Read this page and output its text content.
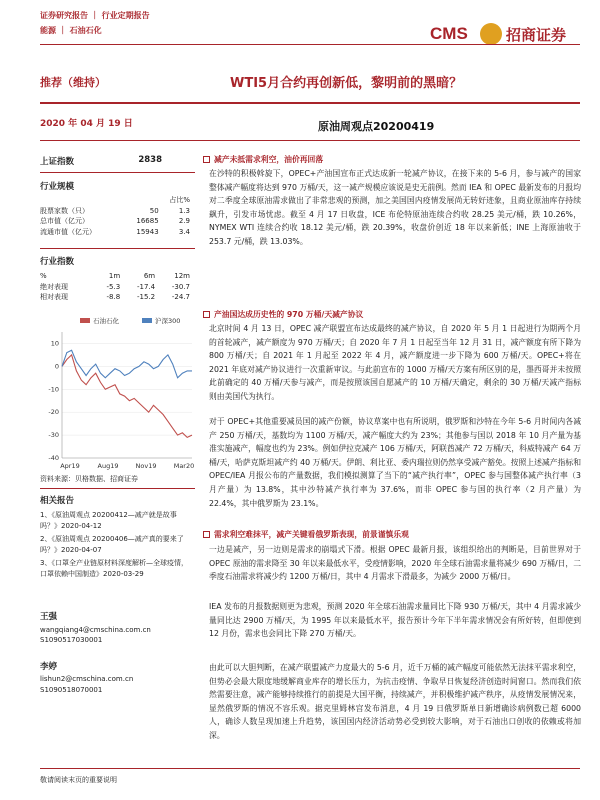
证券研究报告 ｜ 行业定期报告
能源 ｜ 石油石化	CMS	招商证券
推荐（维持）	WTI5月合约再创新低，黎明前的黑暗？
2020 年 04 月 19 日	原油周观点20200419
上证指数	2838
行业规模
		占比%
股票家数（只）	50	1.3
总市值（亿元）	16685	2.9
流通市值（亿元）	15943	3.4
行业指数
%	1m	6m	12m
绝对表现	-5.3	-17.4	-30.7
相对表现	-8.8	-15.2	-24.7
石油石化	沪深300
10
0
-10
-20
-30
-40
Apr19	Aug19	Nov19	Mar20
资料来源：贝格数据、招商证券
相关报告
1、《原油周观点 20200412—减产就是故事吗？》2020-04-12
2、《原油周观点 20200406—减产真的要来了吗？》2020-04-07
3、《口罩全产业链原材料深度解析—全球疫情，口罩依赖中国制造》2020-03-29
王强
wangqiang4@cmschina.com.cn
S1090517030001
李婷
lishun2@cmschina.com.cn
S1090518070001
减产未抵需求利空，油价再回落
在沙特的积极斡旋下，OPEC+产油国宣布正式达成新一轮减产协议，在接下来的 5-6 月，参与减产的国家整体减产幅度将达到 970 万桶/天，这一减产规模应该说是史无前例。然而 IEA 和 OPEC 最新发布的月报均对二季度全球原油需求做出了非常悲观的预测，加之美国国内疫情发展尚无转好迹象，且商业原油库存持续飙升，引发市场忧虑。截至 4 月 17 日收盘，ICE 布伦特原油连续合约收 28.25 美元/桶，跌 10.26%，NYMEX WTI 连续合约收 18.12 美元/桶，跌 20.39%，收盘价创近 18 年以来新低；INE 上海原油收于 253.7 元/桶，跌 13.03%。
产油国达成历史性的 970 万桶/天减产协议
北京时间 4 月 13 日，OPEC 减产联盟宣布达成最终的减产协议，自 2020 年 5 月 1 日起进行为期两个月的首轮减产，减产额度为 970 万桶/天；自 2020 年 7 月 1 日起至当年 12 月 31 日，减产额度有所下降为 800 万桶/天；自 2021 年 1 月起至 2022 年 4 月，减产额度进一步下降为 600 万桶/天。OPEC+将在 2021 年底对减产协议进行一次重新审议。与此前宣布的 1000 万桶/天方案有所区别的是，墨西哥并未按照此前确定的 40 万桶/天参与减产，而是按照该国自愿减产的 10 万桶/天确定，剩余的 30 万桶/天减产指标则由美国代为执行。
对于 OPEC+其他重要减员国的减产份额，协议草案中也有所说明，俄罗斯和沙特在今年 5-6 月时间内各减产 250 万桶/天，基数均为 1100 万桶/天，减产幅度大约为 23%；其他参与国以 2018 年 10 月产量为基准实施减产，幅度也约为 23%。例如伊拉克减产 106 万桶/天，阿联酋减产 72 万桶/天，科威特减产 64 万桶/天，哈萨克斯坦减产约 40 万桶/天。伊朗、利比亚、委内瑞拉则仍然享受减产豁免。按照上述减产指标和 OPEC/IEA 月报公布的产量数据，我们模拟测算了当下的“减产执行率”，OPEC 参与国整体减产执行率（3 月产量）为 13.8%，其中沙特减产执行率为 37.6%，而非 OPEC 参与国的执行率（2 月产量）为 22.4%，其中俄罗斯为 23.1%。
需求利空难抹平，减产关键看俄罗斯表现，前景谨慎乐观
一边是减产，另一边则是需求的崩塌式下滑。根据 OPEC 最新月报，该组织给出的判断是，目前世界对于 OPEC 原油的需求降至 30 年以来最低水平，受疫情影响，2020 年全球石油需求量将减少 690 万桶/日，二季度石油需求将减少约 1200 万桶/日，其中 4 月需求下滑最多，为减少 2000 万桶/日。
IEA 发布的月报数据则更为悲观，预测 2020 年全球石油需求量同比下降 930 万桶/天，其中 4 月需求减少量同比达 2900 万桶/天，为 1995 年以来最低水平，报告预计今年下半年需求情况会有所好转，但即使到 12 月份，需求也会同比下降 270 万桶/天。
由此可以大胆判断，在减产联盟减产力度最大的 5-6 月，近千万桶的减产幅度可能依然无法抹平需求利空，但势必会最大限度地缓解商业库存的增长压力，为抗击疫情、争取早日恢复经济创造时间窗口。然而我们依然需要注意，减产能够持续推行的前提是大国平衡，持续减产，并积极维护减产秩序，从疫情发展情况来，显然俄罗斯的情况不容乐观。据克里姆林宫发布消息，4 月 19 日俄罗斯单日新增确诊病例数已超 6000 人，确诊人数呈现加速上升趋势，该国国内经济活动势必受到较大影响，对于石油出口创收的依赖或将加深。
敬请阅读末页的重要说明
